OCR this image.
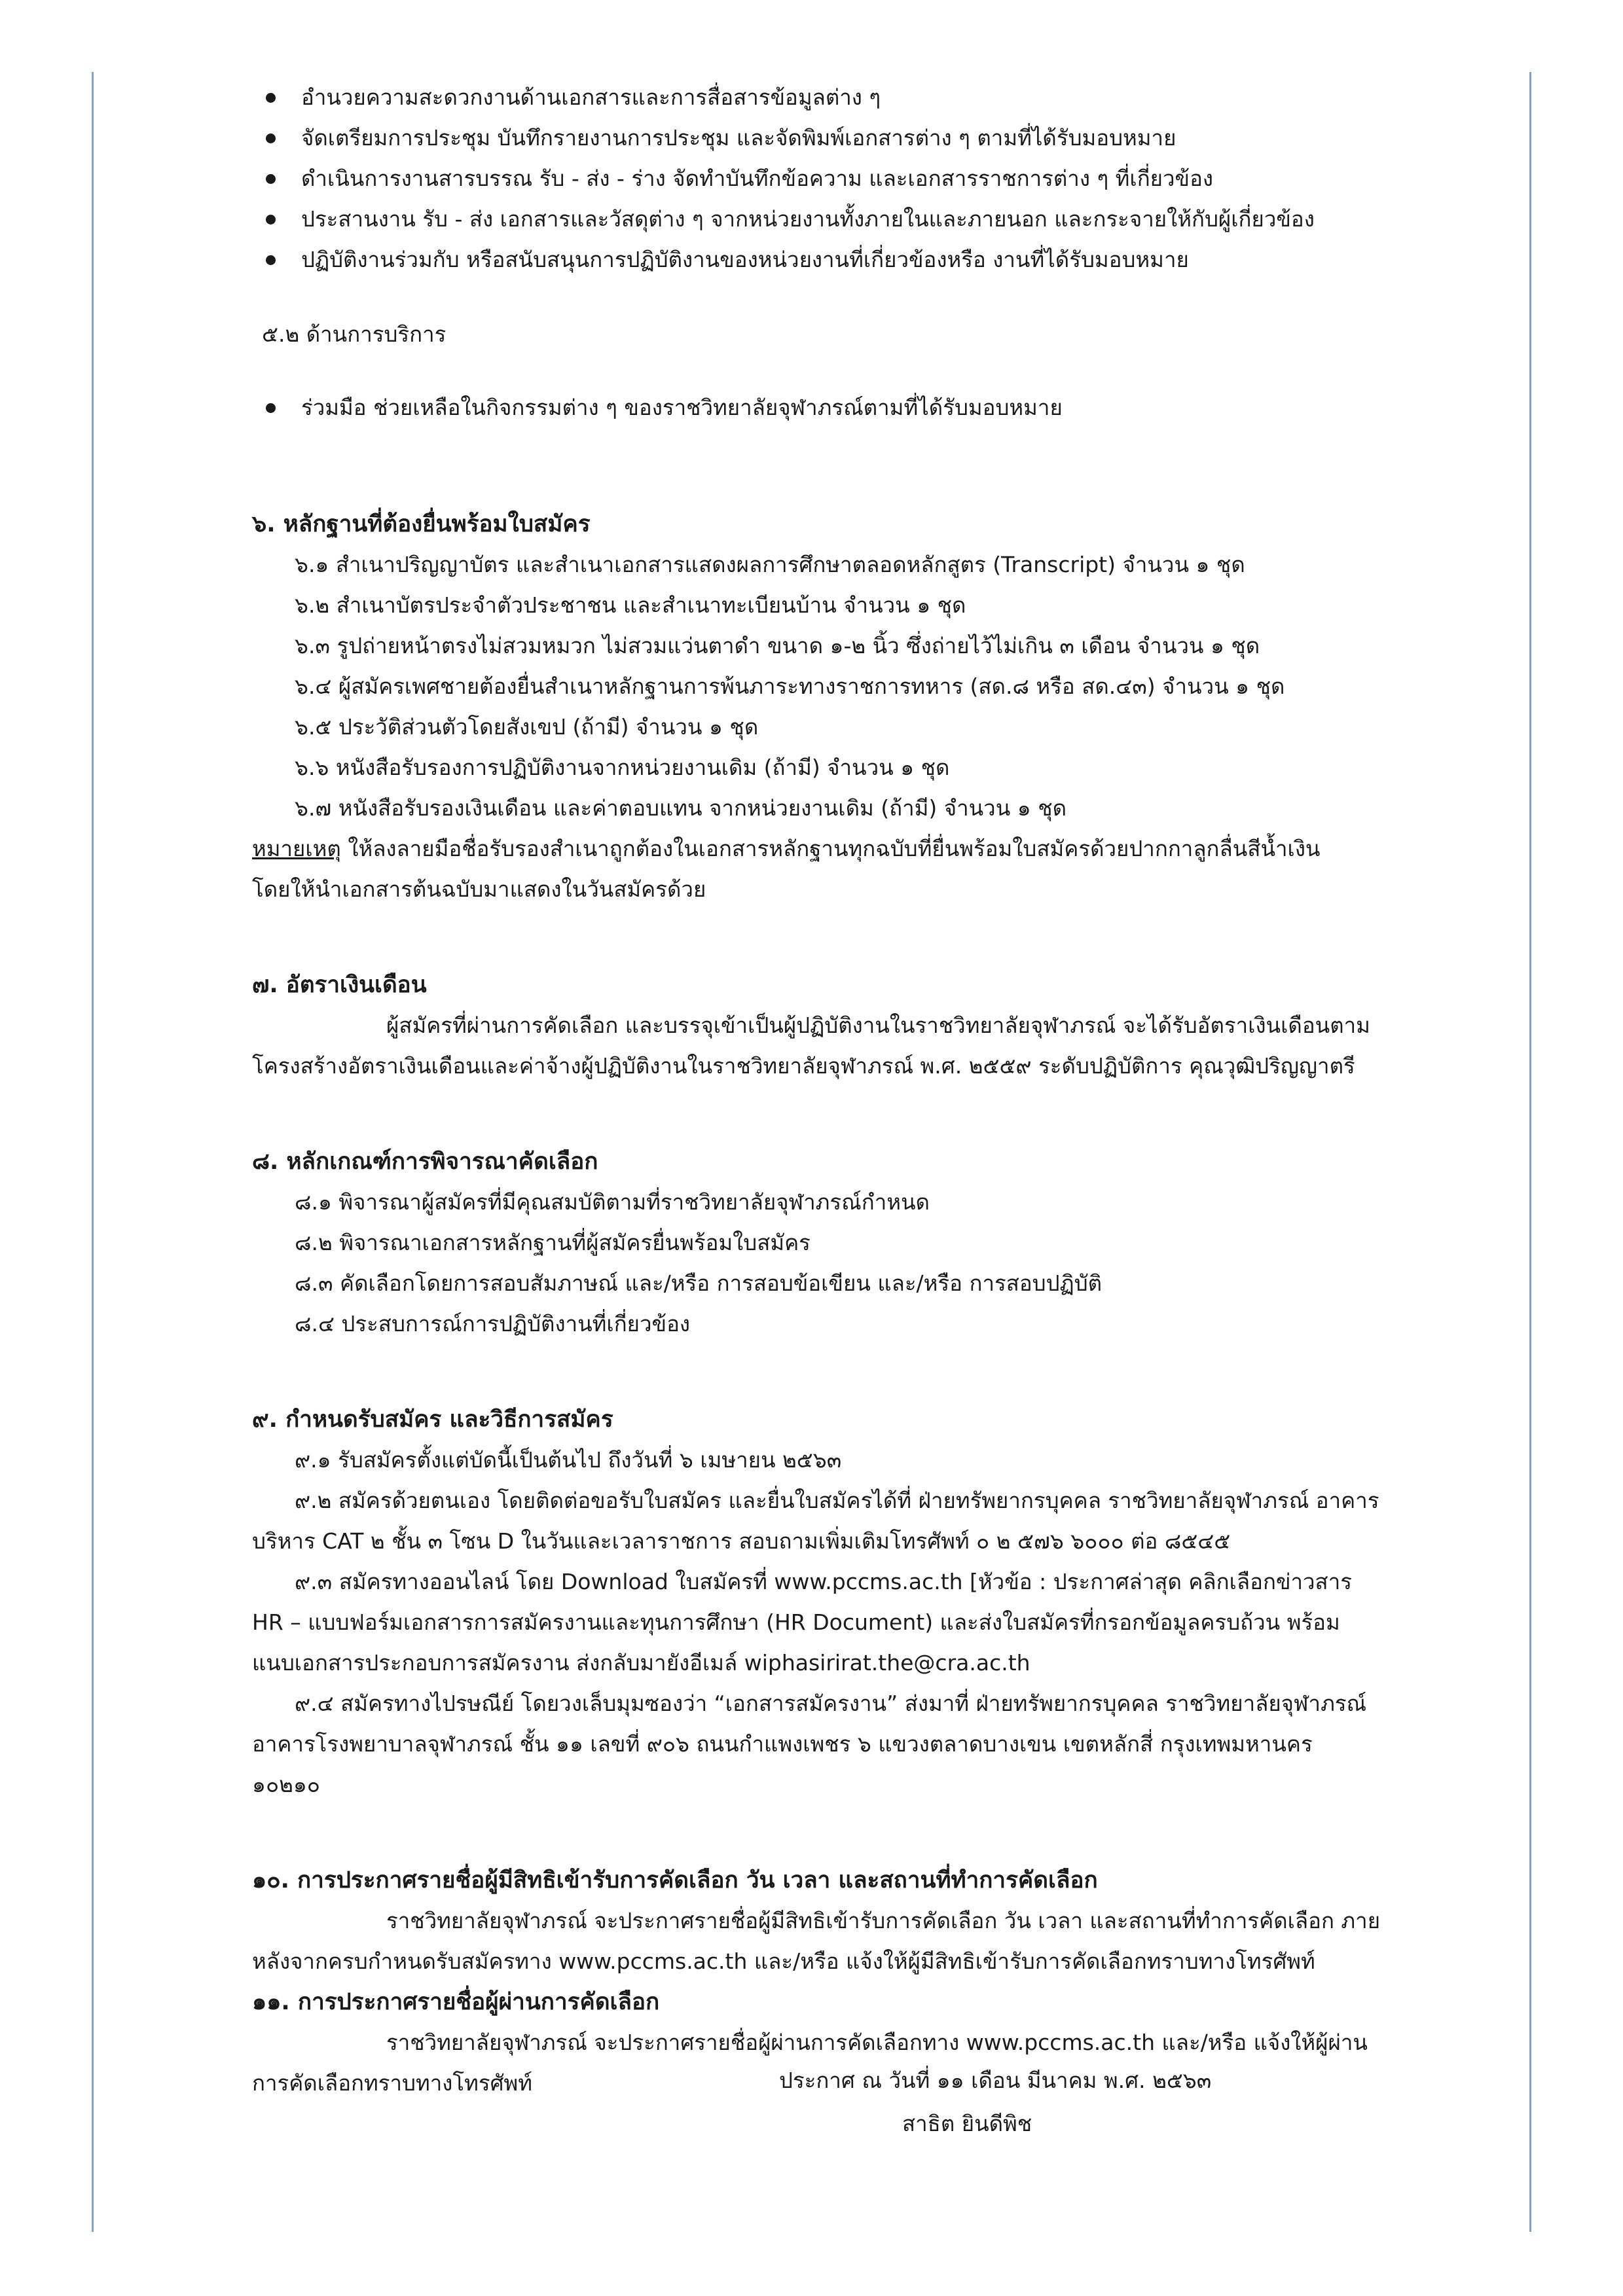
อำนวยความสะดวกงานด้านเอกสารและการสื่อสารข้อมูลต่าง ๆ
จัดเตรียมการประชุม บันทึกรายงานการประชุม และจัดพิมพ์เอกสารต่าง ๆ ตามที่ได้รับมอบหมาย
ดำเนินการงานสารบรรณ รับ - ส่ง - ร่าง จัดทำบันทึกข้อความ และเอกสารราชการต่าง ๆ ที่เกี่ยวข้อง
ประสานงาน รับ - ส่ง เอกสารและวัสดุต่าง ๆ จากหน่วยงานทั้งภายในและภายนอก และกระจายให้กับผู้เกี่ยวข้อง
ปฏิบัติงานร่วมกับ หรือสนับสนุนการปฏิบัติงานของหน่วยงานที่เกี่ยวข้องหรือ งานที่ได้รับมอบหมาย
๕.๒ ด้านการบริการ
ร่วมมือ ช่วยเหลือในกิจกรรมต่าง ๆ ของราชวิทยาลัยจุฬาภรณ์ตามที่ได้รับมอบหมาย
๖. หลักฐานที่ต้องยื่นพร้อมใบสมัคร
๖.๑ สำเนาปริญญาบัตร และสำเนาเอกสารแสดงผลการศึกษาตลอดหลักสูตร (Transcript) จำนวน ๑ ชุด
๖.๒ สำเนาบัตรประจำตัวประชาชน และสำเนาทะเบียนบ้าน จำนวน ๑ ชุด
๖.๓ รูปถ่ายหน้าตรงไม่สวมหมวก ไม่สวมแว่นตาดำ ขนาด ๑-๒ นิ้ว ซึ่งถ่ายไว้ไม่เกิน ๓ เดือน จำนวน ๑ ชุด
๖.๔ ผู้สมัครเพศชายต้องยื่นสำเนาหลักฐานการพ้นภาระทางราชการทหาร (สด.๘ หรือ สด.๔๓) จำนวน ๑ ชุด
๖.๕ ประวัติส่วนตัวโดยสังเขป (ถ้ามี) จำนวน ๑ ชุด
๖.๖ หนังสือรับรองการปฏิบัติงานจากหน่วยงานเดิม (ถ้ามี) จำนวน ๑ ชุด
๖.๗ หนังสือรับรองเงินเดือน และค่าตอบแทน จากหน่วยงานเดิม (ถ้ามี) จำนวน ๑ ชุด
หมายเหตุ ให้ลงลายมือชื่อรับรองสำเนาถูกต้องในเอกสารหลักฐานทุกฉบับที่ยื่นพร้อมใบสมัครด้วยปากกาลูกลื่นสีน้ำเงิน
โดยให้นำเอกสารต้นฉบับมาแสดงในวันสมัครด้วย
๗. อัตราเงินเดือน
ผู้สมัครที่ผ่านการคัดเลือก และบรรจุเข้าเป็นผู้ปฏิบัติงานในราชวิทยาลัยจุฬาภรณ์ จะได้รับอัตราเงินเดือนตาม
โครงสร้างอัตราเงินเดือนและค่าจ้างผู้ปฏิบัติงานในราชวิทยาลัยจุฬาภรณ์ พ.ศ. ๒๕๕๙ ระดับปฏิบัติการ คุณวุฒิปริญญาตรี
๘. หลักเกณฑ์การพิจารณาคัดเลือก
๘.๑ พิจารณาผู้สมัครที่มีคุณสมบัติตามที่ราชวิทยาลัยจุฬาภรณ์กำหนด
๘.๒ พิจารณาเอกสารหลักฐานที่ผู้สมัครยื่นพร้อมใบสมัคร
๘.๓ คัดเลือกโดยการสอบสัมภาษณ์ และ/หรือ การสอบข้อเขียน และ/หรือ การสอบปฏิบัติ
๘.๔ ประสบการณ์การปฏิบัติงานที่เกี่ยวข้อง
๙. กำหนดรับสมัคร และวิธีการสมัคร
๙.๑ รับสมัครตั้งแต่บัดนี้เป็นต้นไป ถึงวันที่ ๖ เมษายน ๒๕๖๓
๙.๒ สมัครด้วยตนเอง โดยติดต่อขอรับใบสมัคร และยื่นใบสมัครได้ที่ ฝ่ายทรัพยากรบุคคล ราชวิทยาลัยจุฬาภรณ์ อาคาร
บริหาร CAT ๒ ชั้น ๓ โซน D ในวันและเวลาราชการ สอบถามเพิ่มเติมโทรศัพท์ ๐ ๒ ๕๗๖ ๖๐๐๐ ต่อ ๘๕๔๕
๙.๓ สมัครทางออนไลน์ โดย Download ใบสมัครที่ www.pccms.ac.th [หัวข้อ : ประกาศล่าสุด คลิกเลือกข่าวสาร
HR – แบบฟอร์มเอกสารการสมัครงานและทุนการศึกษา (HR Document) และส่งใบสมัครที่กรอกข้อมูลครบถ้วน พร้อม
แนบเอกสารประกอบการสมัครงาน ส่งกลับมายังอีเมล์ wiphasirirat.the@cra.ac.th
๙.๔ สมัครทางไปรษณีย์ โดยวงเล็บมุมซองว่า “เอกสารสมัครงาน” ส่งมาที่ ฝ่ายทรัพยากรบุคคล ราชวิทยาลัยจุฬาภรณ์
อาคารโรงพยาบาลจุฬาภรณ์ ชั้น ๑๑ เลขที่ ๙๐๖ ถนนกำแพงเพชร ๖ แขวงตลาดบางเขน เขตหลักสี่ กรุงเทพมหานคร
๑๐๒๑๐
๑๐. การประกาศรายชื่อผู้มีสิทธิเข้ารับการคัดเลือก วัน เวลา และสถานที่ทำการคัดเลือก
ราชวิทยาลัยจุฬาภรณ์ จะประกาศรายชื่อผู้มีสิทธิเข้ารับการคัดเลือก วัน เวลา และสถานที่ทำการคัดเลือก ภาย
หลังจากครบกำหนดรับสมัครทาง www.pccms.ac.th และ/หรือ แจ้งให้ผู้มีสิทธิเข้ารับการคัดเลือกทราบทางโทรศัพท์
๑๑. การประกาศรายชื่อผู้ผ่านการคัดเลือก
ราชวิทยาลัยจุฬาภรณ์ จะประกาศรายชื่อผู้ผ่านการคัดเลือกทาง www.pccms.ac.th และ/หรือ แจ้งให้ผู้ผ่าน
การคัดเลือกทราบทางโทรศัพท์	ประกาศ ณ วันที่ ๑๑ เดือน มีนาคม พ.ศ. ๒๕๖๓
สาธิต ยินดีพิช
